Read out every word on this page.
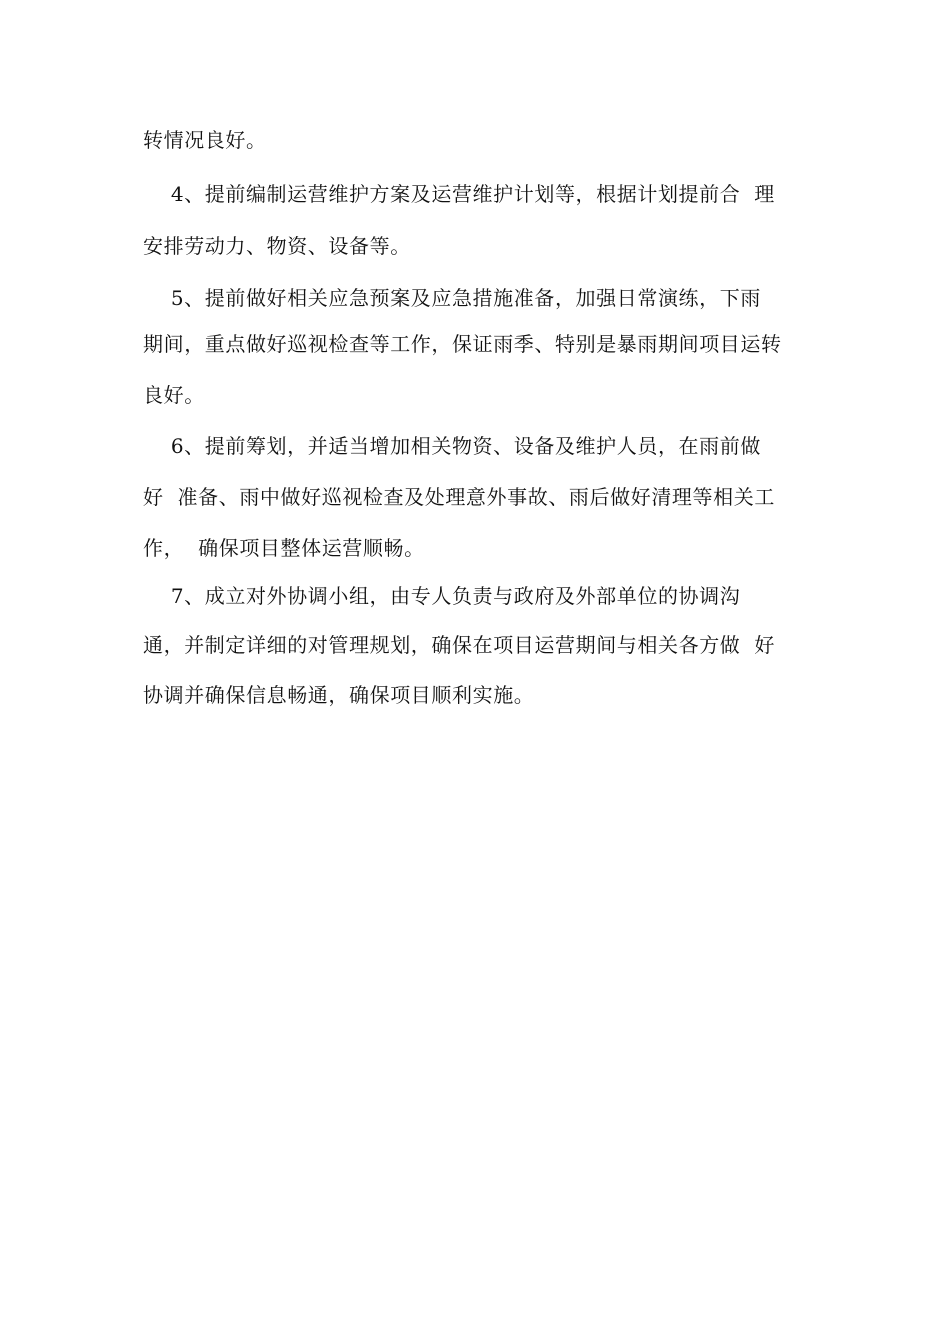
转情况良好。
4、提前编制运营维护方案及运营维护计划等，根据计划提前合  理
安排劳动力、物资、设备等。
5、提前做好相关应急预案及应急措施准备，加强日常演练，下雨
期间，重点做好巡视检查等工作，保证雨季、特别是暴雨期间项目运转
良好。
6、提前筹划，并适当增加相关物资、设备及维护人员，在雨前做
好  准备、雨中做好巡视检查及处理意外事故、雨后做好清理等相关工
作，  确保项目整体运营顺畅。
7、成立对外协调小组，由专人负责与政府及外部单位的协调沟
通，并制定详细的对管理规划，确保在项目运营期间与相关各方做  好
协调并确保信息畅通，确保项目顺利实施。
